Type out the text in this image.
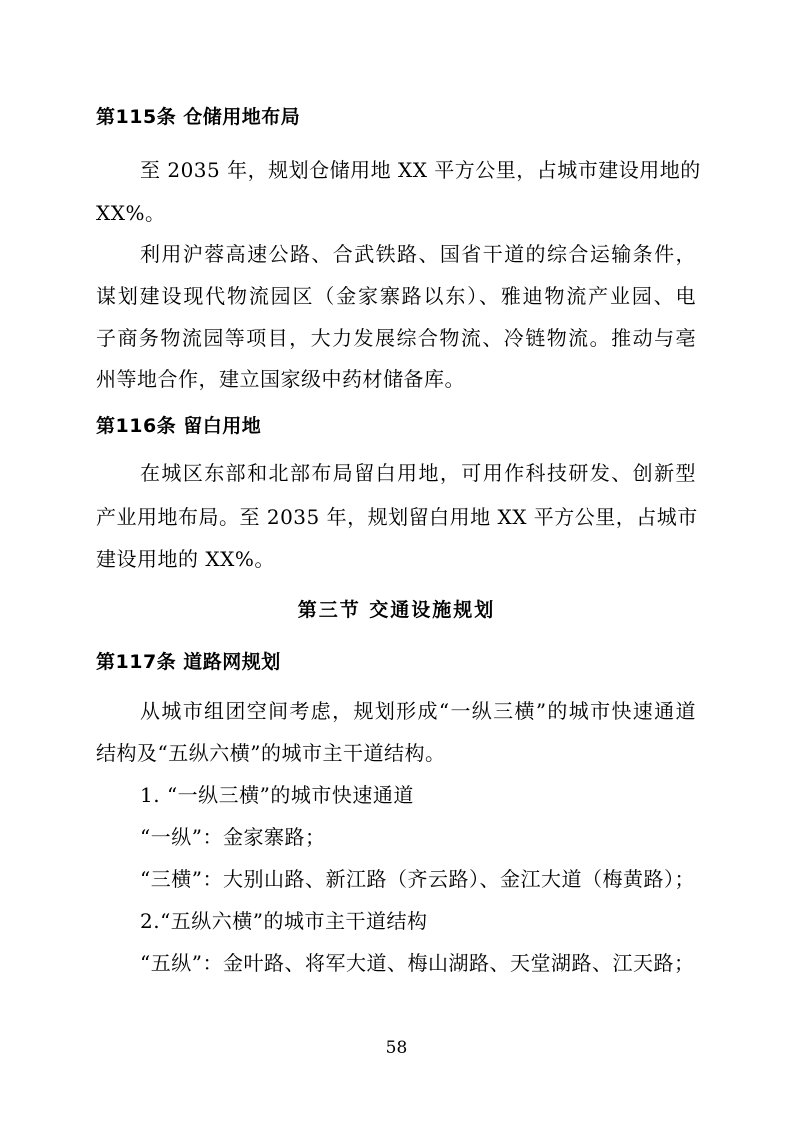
第115条 仓储用地布局
至 2035 年，规划仓储用地 XX 平方公里，占城市建设用地的
XX%。
利用沪蓉高速公路、合武铁路、国省干道的综合运输条件，
谋划建设现代物流园区（金家寨路以东）、雅迪物流产业园、电
子商务物流园等项目，大力发展综合物流、冷链物流。推动与亳
州等地合作，建立国家级中药材储备库。
第116条 留白用地
在城区东部和北部布局留白用地，可用作科技研发、创新型
产业用地布局。至 2035 年，规划留白用地 XX 平方公里，占城市
建设用地的 XX%。
第三节 交通设施规划
第117条 道路网规划
从城市组团空间考虑，规划形成“一纵三横”的城市快速通道
结构及“五纵六横”的城市主干道结构。
1. “一纵三横”的城市快速通道
“一纵”：金家寨路；
“三横”：大别山路、新江路（齐云路）、金江大道（梅黄路）；
2.“五纵六横”的城市主干道结构
“五纵”：金叶路、将军大道、梅山湖路、天堂湖路、江天路；
58
